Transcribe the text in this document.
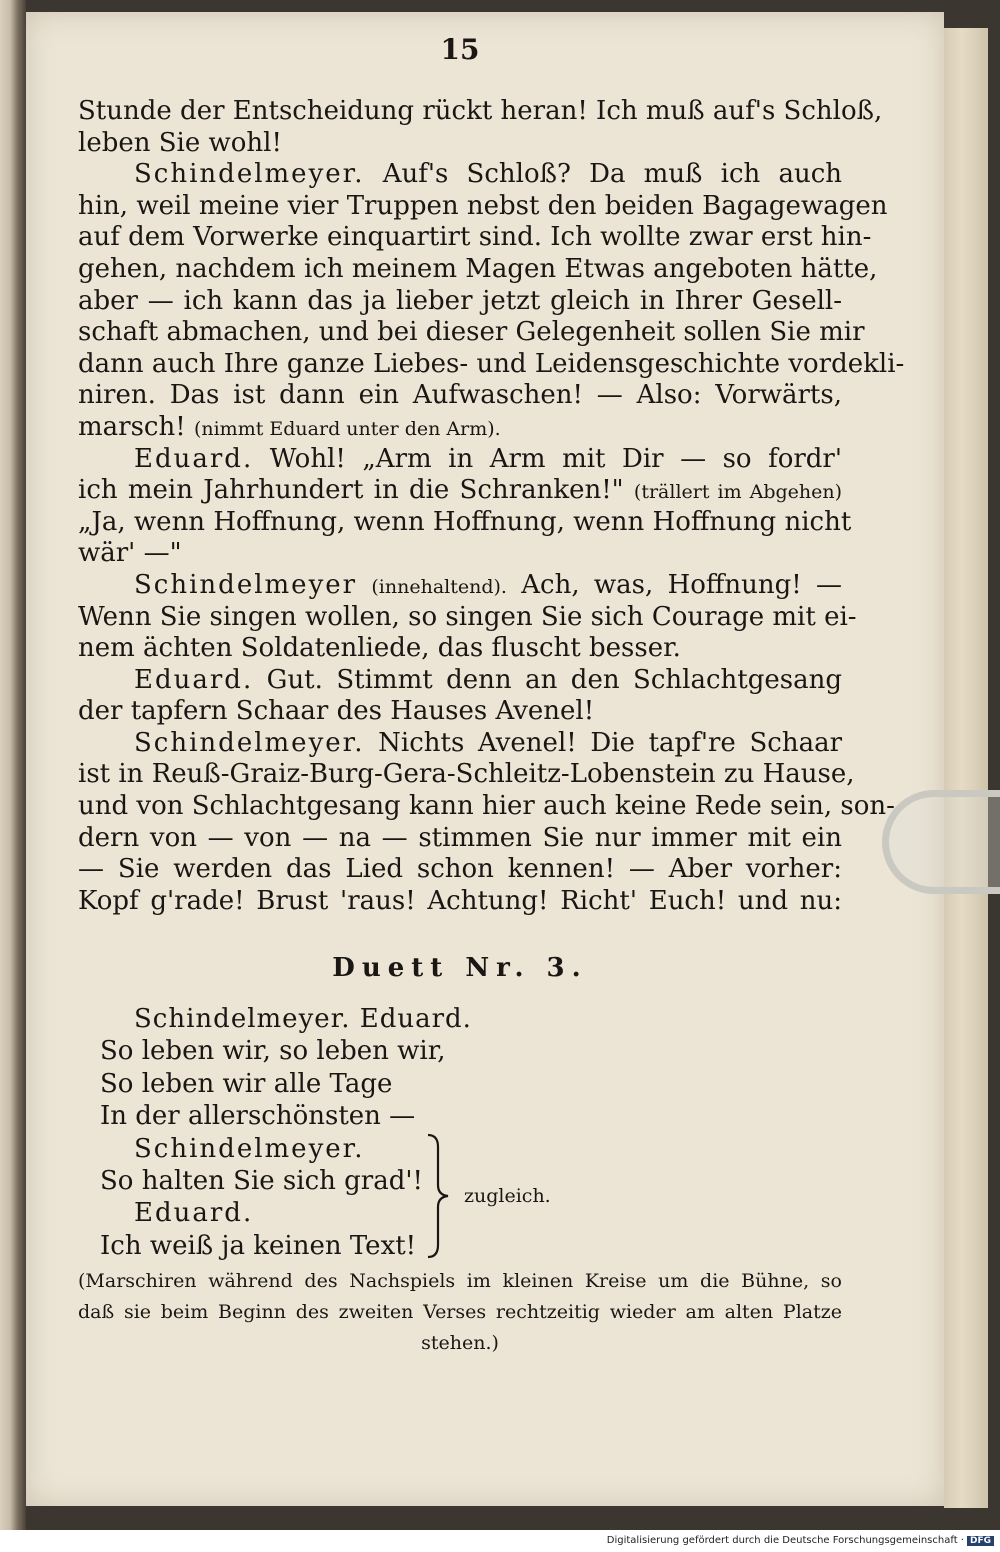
15
Stunde der Entscheidung rückt heran! Ich muß auf's Schloß,
leben Sie wohl!
Schindelmeyer. Auf's Schloß? Da muß ich auch
hin, weil meine vier Truppen nebst den beiden Bagagewagen
auf dem Vorwerke einquartirt sind. Ich wollte zwar erst hin-
gehen, nachdem ich meinem Magen Etwas angeboten hätte,
aber — ich kann das ja lieber jetzt gleich in Ihrer Gesell-
schaft abmachen, und bei dieser Gelegenheit sollen Sie mir
dann auch Ihre ganze Liebes- und Leidensgeschichte vordekli-
niren. Das ist dann ein Aufwaschen! — Also: Vorwärts,
marsch! (nimmt Eduard unter den Arm).
Eduard. Wohl! „Arm in Arm mit Dir — so fordr'
ich mein Jahrhundert in die Schranken!" (trällert im Abgehen)
„Ja, wenn Hoffnung, wenn Hoffnung, wenn Hoffnung nicht
wär' —"
Schindelmeyer (innehaltend). Ach, was, Hoffnung! —
Wenn Sie singen wollen, so singen Sie sich Courage mit ei-
nem ächten Soldatenliede, das fluscht besser.
Eduard. Gut. Stimmt denn an den Schlachtgesang
der tapfern Schaar des Hauses Avenel!
Schindelmeyer. Nichts Avenel! Die tapf're Schaar
ist in Reuß-Graiz-Burg-Gera-Schleitz-Lobenstein zu Hause,
und von Schlachtgesang kann hier auch keine Rede sein, son-
dern von — von — na — stimmen Sie nur immer mit ein
— Sie werden das Lied schon kennen! — Aber vorher:
Kopf g'rade! Brust 'raus! Achtung! Richt' Euch! und nu:
Duett Nr. 3.
Schindelmeyer. Eduard.
So leben wir, so leben wir,
So leben wir alle Tage
In der allerschönsten —
Schindelmeyer.
So halten Sie sich grad'!
Eduard.
Ich weiß ja keinen Text!
zugleich.
(Marschiren während des Nachspiels im kleinen Kreise um die Bühne, so
daß sie beim Beginn des zweiten Verses rechtzeitig wieder am alten Platze
stehen.)
Digitalisierung gefördert durch die Deutsche Forschungsgemeinschaft · DFG
